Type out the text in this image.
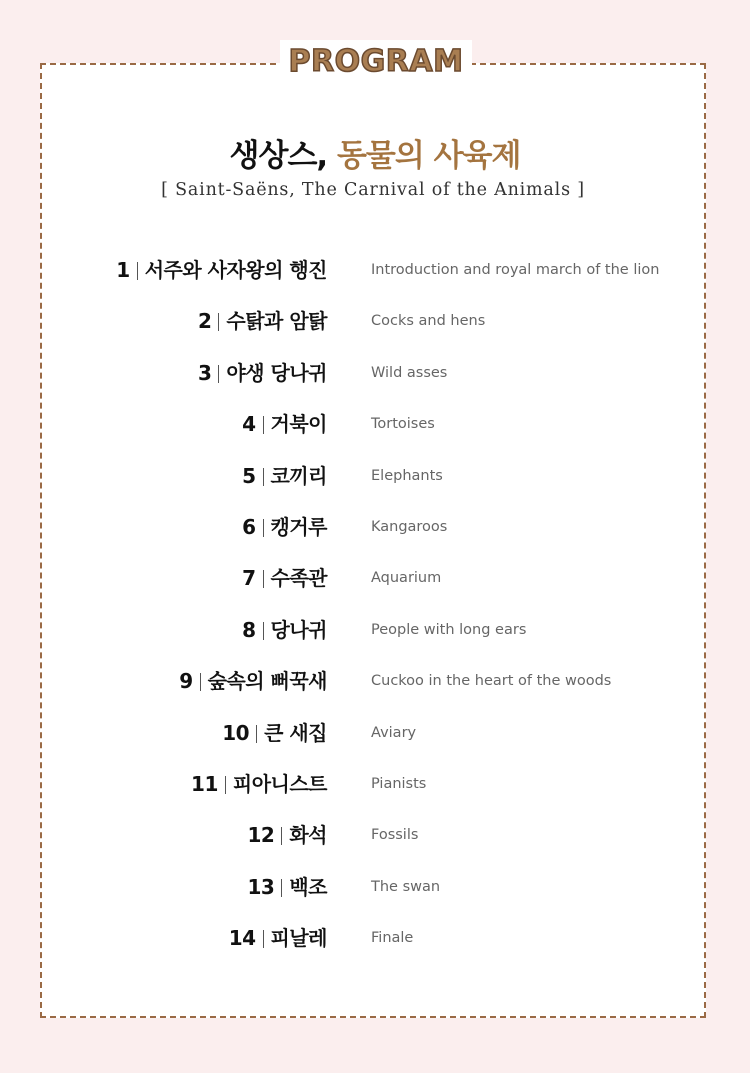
PROGRAM
생상스, 동물의 사육제
[ Saint-Saëns, The Carnival of the Animals ]
1 서주와 사자왕의 행진	Introduction and royal march of the lion
2 수탉과 암탉	Cocks and hens
3 야생 당나귀	Wild asses
4 거북이	Tortoises
5 코끼리	Elephants
6 캥거루	Kangaroos
7 수족관	Aquarium
8 당나귀	People with long ears
9 숲속의 뻐꾹새	Cuckoo in the heart of the woods
10 큰 새집	Aviary
11 피아니스트	Pianists
12 화석	Fossils
13 백조	The swan
14 피날레	Finale
